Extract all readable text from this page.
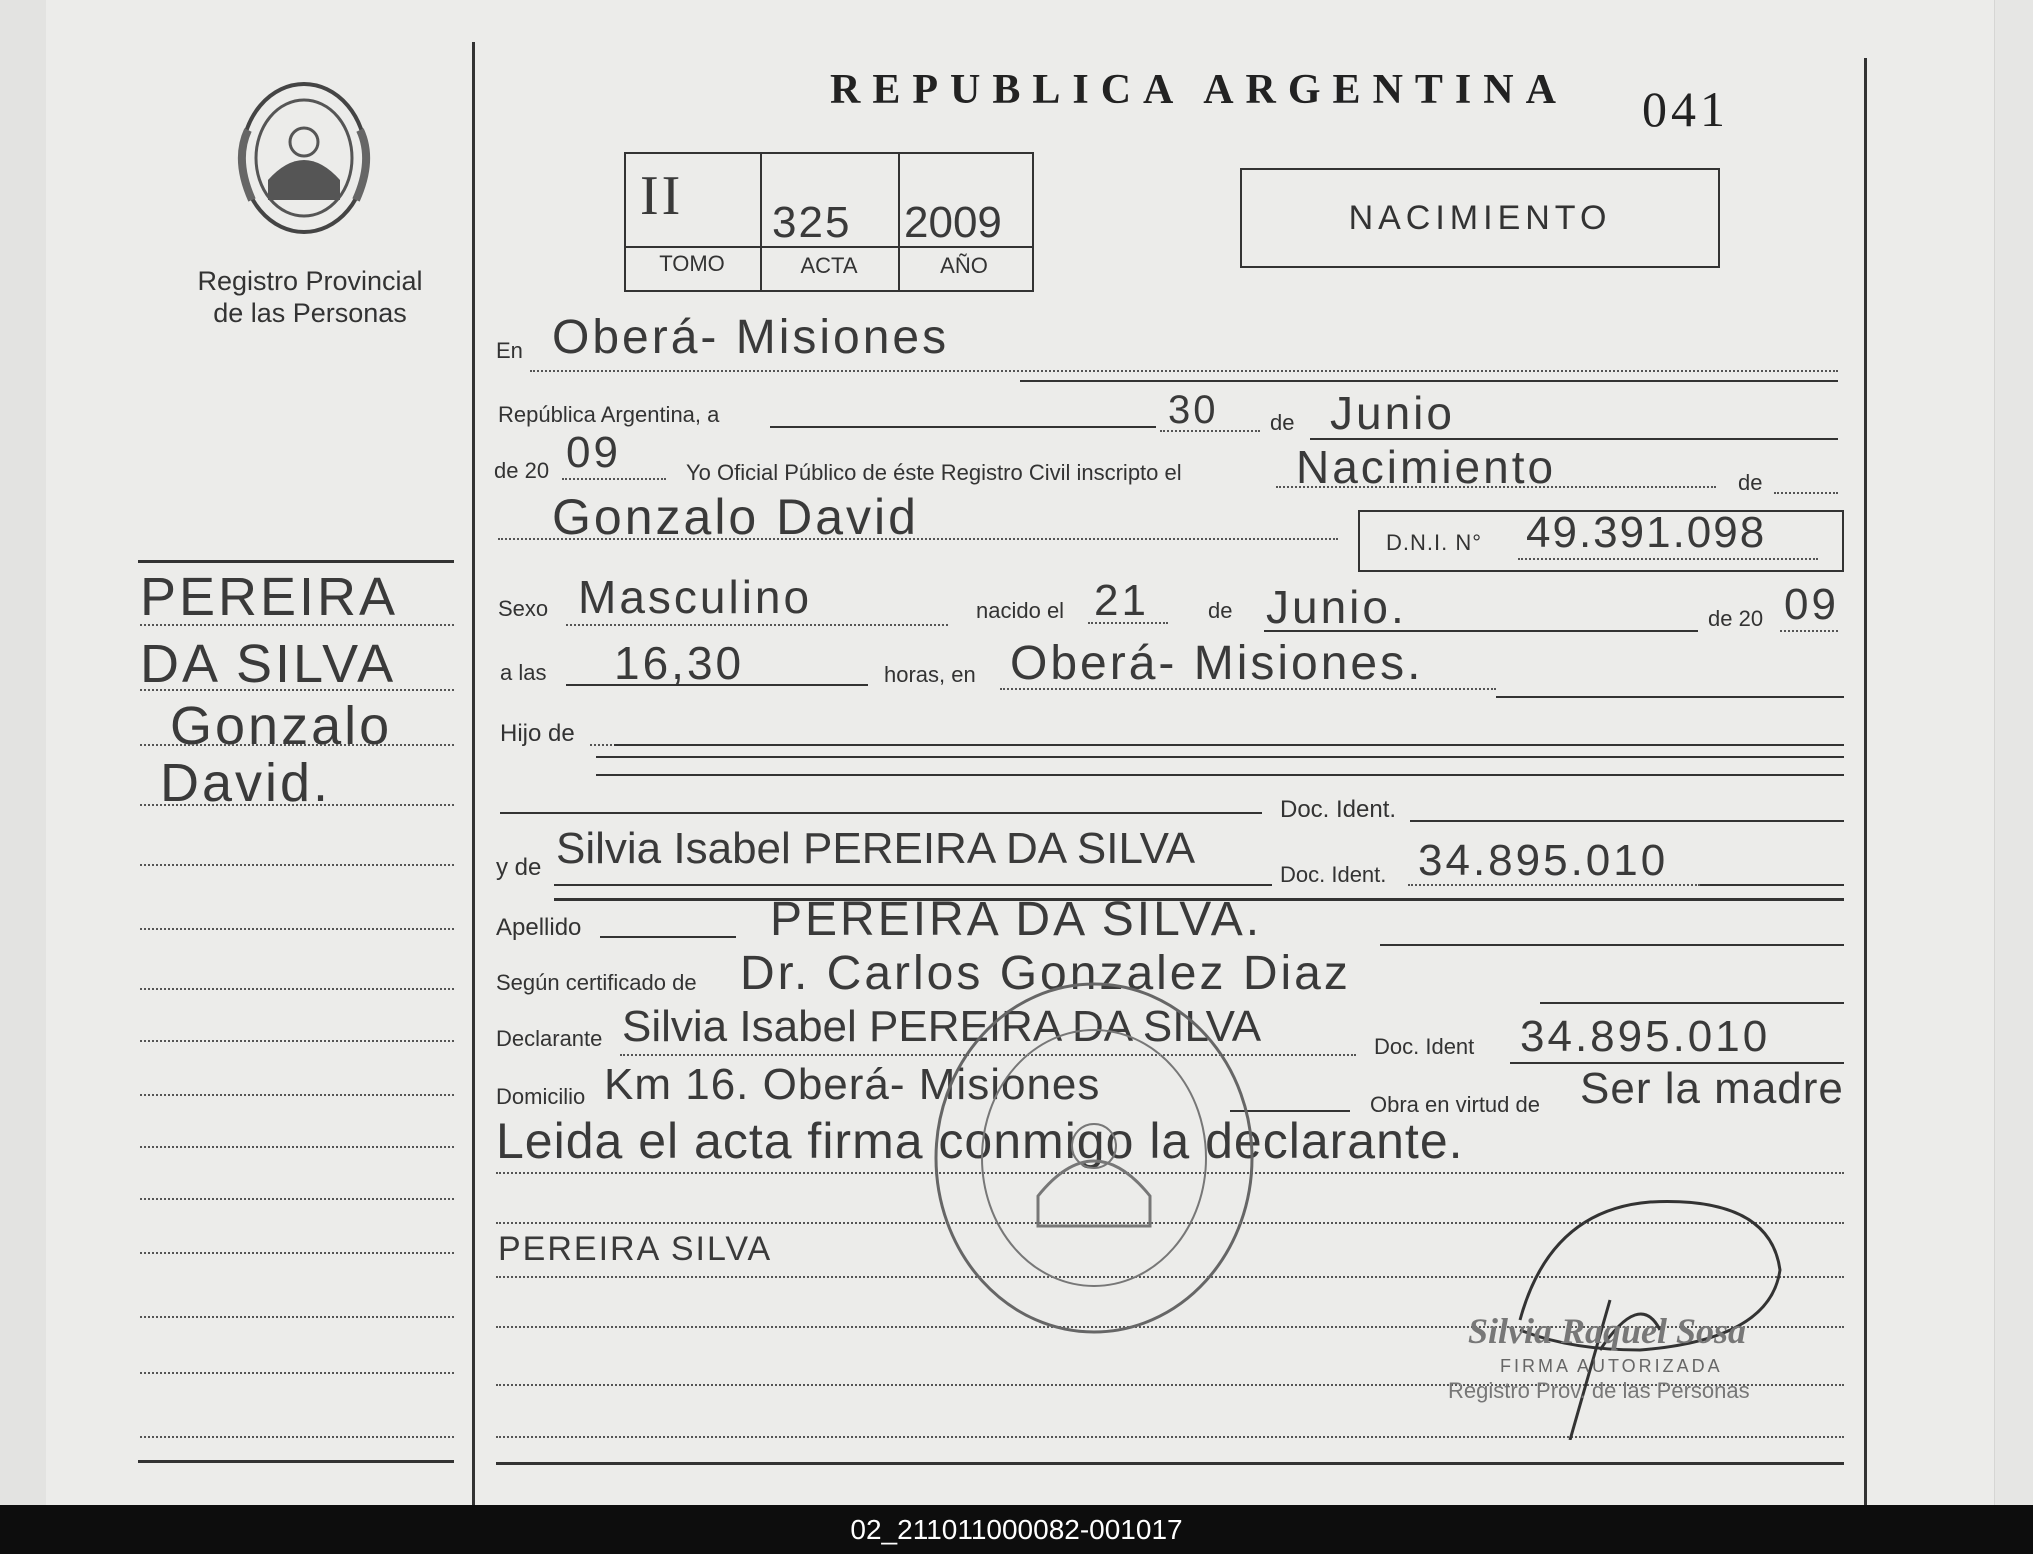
Registro Provincial
de las Personas
PEREIRA
DA SILVA
Gonzalo
David.
REPUBLICA ARGENTINA 041
II 325 2009
TOMO	ACTA	AÑO
NACIMIENTO
En Oberá- Misiones
República Argentina, a	30 de Junio
de 20 09	Yo Oficial Público de éste Registro Civil inscripto el Nacimiento	de
Gonzalo David	D.N.I. N° 49.391.098
Sexo Masculino	nacido el 21	de Junio.	de 20 09
a las 16,30	horas, en Oberá- Misiones.
Hijo de
Doc. Ident.
y de Silvia Isabel PEREIRA DA SILVA
Doc. Ident. 34.895.010
Apellido	PEREIRA DA SILVA.
Según certificado de Dr. Carlos Gonzalez Diaz
Declarante Silvia Isabel PEREIRA DA SILVA	Doc. Ident 34.895.010
Domicilio Km 16. Oberá- Misiones	Obra en virtud de Ser la madre
Leida el acta firma conmigo la declarante.
PEREIRA SILVA
Silvia Raquel Sosa
FIRMA AUTORIZADA
Registro Prov. de las Personas
02_211011000082-001017
